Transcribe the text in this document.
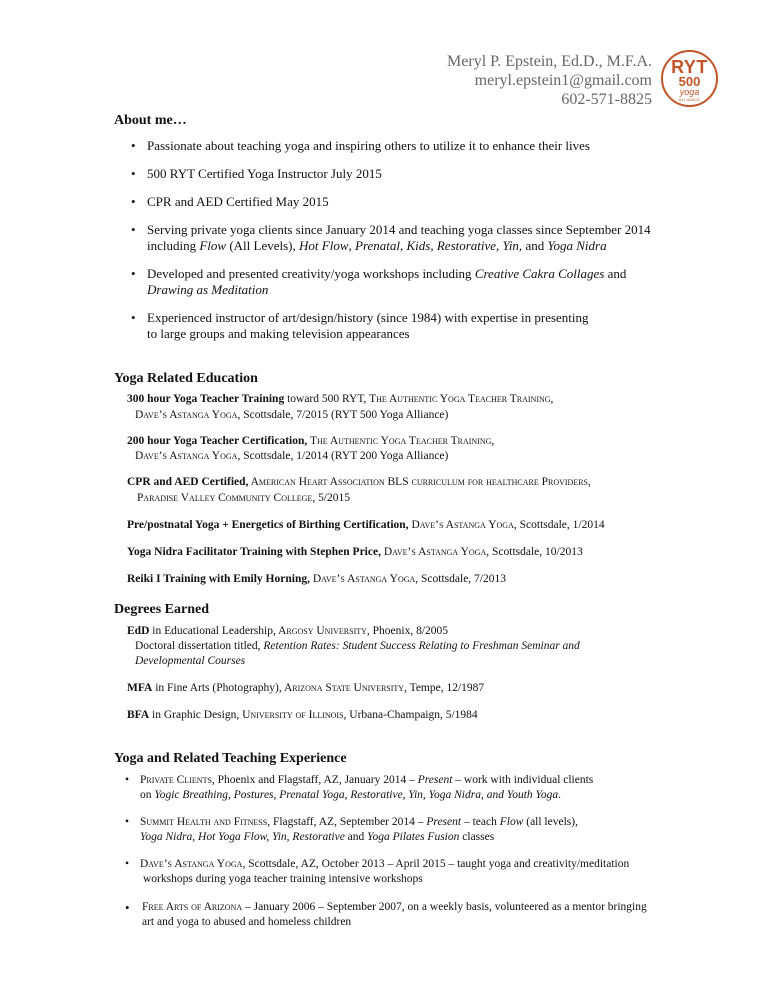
Meryl P. Epstein, Ed.D., M.F.A.
meryl.epstein1@gmail.com
602-571-8825
RYT
500
yoga
ALLIANCE
About me…
• Passionate about teaching yoga and inspiring others to utilize it to enhance their lives
• 500 RYT Certified Yoga Instructor July 2015
• CPR and AED Certified May 2015
• Serving private yoga clients since January 2014 and teaching yoga classes since September 2014
including Flow (All Levels), Hot Flow, Prenatal, Kids, Restorative, Yin, and Yoga Nidra
• Developed and presented creativity/yoga workshops including Creative Cakra Collages and
Drawing as Meditation
• Experienced instructor of art/design/history (since 1984) with expertise in presenting
to large groups and making television appearances
Yoga Related Education
300 hour Yoga Teacher Training toward 500 RYT, The Authentic Yoga Teacher Training,
Dave’s Astanga Yoga, Scottsdale, 7/2015 (RYT 500 Yoga Alliance)
200 hour Yoga Teacher Certification, The Authentic Yoga Teacher Training,
Dave’s Astanga Yoga, Scottsdale, 1/2014 (RYT 200 Yoga Alliance)
CPR and AED Certified, American Heart Association BLS curriculum for healthcare Providers,
Paradise Valley Community College, 5/2015
Pre/postnatal Yoga + Energetics of Birthing Certification, Dave’s Astanga Yoga, Scottsdale, 1/2014
Yoga Nidra Facilitator Training with Stephen Price, Dave’s Astanga Yoga, Scottsdale, 10/2013
Reiki I Training with Emily Horning, Dave’s Astanga Yoga, Scottsdale, 7/2013
Degrees Earned
EdD in Educational Leadership, Argosy University, Phoenix, 8/2005
Doctoral dissertation titled, Retention Rates: Student Success Relating to Freshman Seminar and
Developmental Courses
MFA in Fine Arts (Photography), Arizona State University, Tempe, 12/1987
BFA in Graphic Design, University of Illinois, Urbana-Champaign, 5/1984
Yoga and Related Teaching Experience
• Private Clients, Phoenix and Flagstaff, AZ, January 2014 – Present – work with individual clients
on Yogic Breathing, Postures, Prenatal Yoga, Restorative, Yin, Yoga Nidra, and Youth Yoga.
• Summit Health and Fitness, Flagstaff, AZ, September 2014 – Present – teach Flow (all levels),
Yoga Nidra, Hot Yoga Flow, Yin, Restorative and Yoga Pilates Fusion classes
• Dave’s Astanga Yoga, Scottsdale, AZ, October 2013 – April 2015 – taught yoga and creativity/meditation
workshops during yoga teacher training intensive workshops
• Free Arts of Arizona – January 2006 – September 2007, on a weekly basis, volunteered as a mentor bringing
art and yoga to abused and homeless children
